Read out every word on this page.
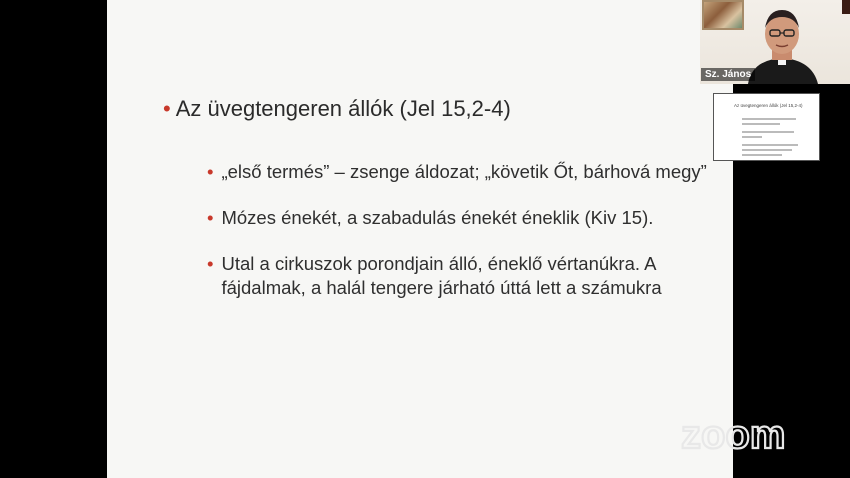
• Az üvegtengeren állók (Jel 15,2-4)
• „első termés” – zsenge áldozat; „követik Őt, bárhová megy”
• Mózes énekét, a szabadulás énekét éneklik (Kiv 15).
• Utal a cirkuszok porondjain álló, éneklő vértanúkra. A fájdalmak, a halál tengere járható úttá lett a számukra
Sz. János
Az üvegtengeren állók (Jel 15,2-4)
zoom
